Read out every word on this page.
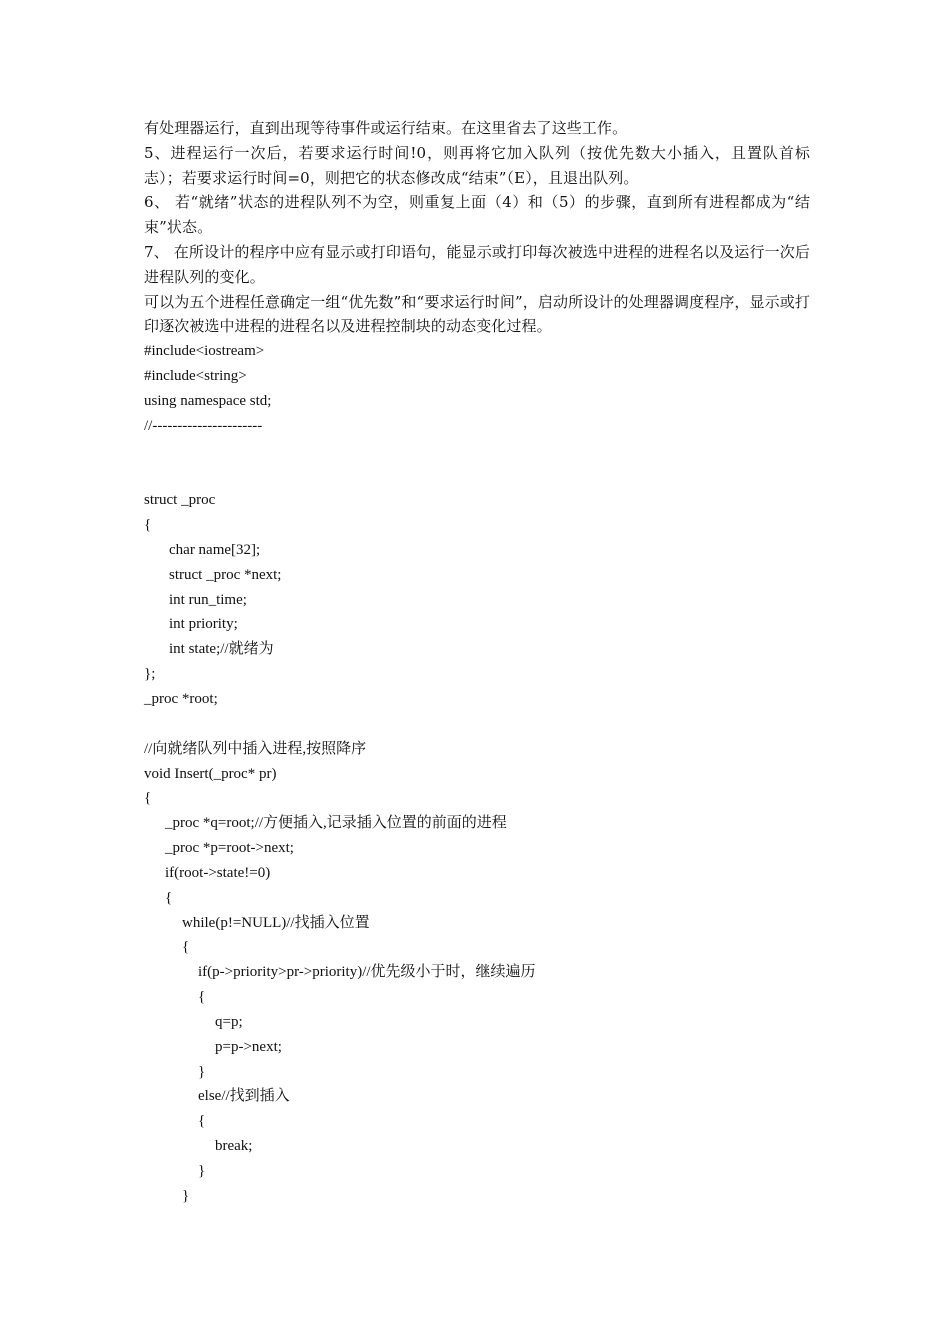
有处理器运行，直到出现等待事件或运行结束。在这里省去了这些工作。

5、进程运行一次后，若要求运行时间!0，则再将它加入队列（按优先数大小插入，且置队首标志）；若要求运行时间=0，则把它的状态修改成“结束”（E），且退出队列。

6、 若“就绪”状态的进程队列不为空，则重复上面（4）和（5）的步骤，直到所有进程都成为“结束”状态。

7、 在所设计的程序中应有显示或打印语句，能显示或打印每次被选中进程的进程名以及运行一次后进程队列的变化。

可以为五个进程任意确定一组“优先数”和“要求运行时间”，启动所设计的处理器调度程序，显示或打印逐次被选中进程的进程名以及进程控制块的动态变化过程。

#include<iostream>
#include<string>
using namespace std;
//----------------------
struct _proc
{
char name[32];
struct _proc *next;
int run_time;
int priority;
int state;//就绪为
};
_proc *root;
//向就绪队列中插入进程,按照降序
void Insert(_proc* pr)
{
_proc *q=root;//方便插入,记录插入位置的前面的进程
_proc *p=root->next;
if(root->state!=0)
{
while(p!=NULL)//找插入位置
{
if(p->priority>pr->priority)//优先级小于时，继续遍历
{
q=p;
p=p->next;
}
else//找到插入
{
break;
}
}
